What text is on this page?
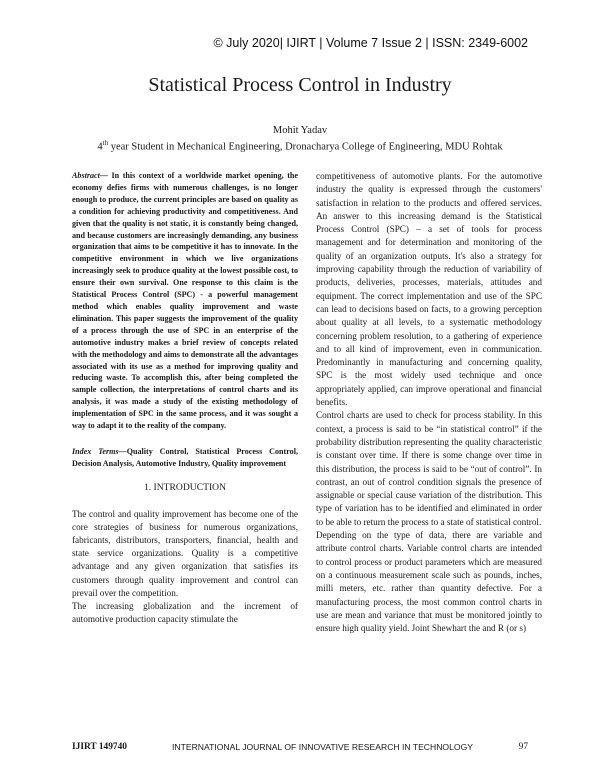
© July 2020| IJIRT | Volume 7 Issue 2 | ISSN: 2349-6002
Statistical Process Control in Industry
Mohit Yadav
4th year Student in Mechanical Engineering, Dronacharya College of Engineering, MDU Rohtak
Abstract— In this context of a worldwide market opening, the economy defies firms with numerous challenges, is no longer enough to produce, the current principles are based on quality as a condition for achieving productivity and competitiveness. And given that the quality is not static, it is constantly being changed, and because customers are increasingly demanding, any business organization that aims to be competitive it has to innovate. In the competitive environment in which we live organizations increasingly seek to produce quality at the lowest possible cost, to ensure their own survival. One response to this claim is the Statistical Process Control (SPC) - a powerful management method which enables quality improvement and waste elimination. This paper suggests the improvement of the quality of a process through the use of SPC in an enterprise of the automotive industry makes a brief review of concepts related with the methodology and aims to demonstrate all the advantages associated with its use as a method for improving quality and reducing waste. To accomplish this, after being completed the sample collection, the interpretations of control charts and its analysis, it was made a study of the existing methodology of implementation of SPC in the same process, and it was sought a way to adapt it to the reality of the company.
Index Terms—Quality Control, Statistical Process Control, Decision Analysis, Automotive Industry, Quality improvement
1. INTRODUCTION

The control and quality improvement has become one of the core strategies of business for numerous organizations, fabricants, distributors, transporters, financial, health and state service organizations. Quality is a competitive advantage and any given organization that satisfies its customers through quality improvement and control can prevail over the competition.

The increasing globalization and the increment of automotive production capacity stimulate the

competitiveness of automotive plants. For the automotive industry the quality is expressed through the customers' satisfaction in relation to the products and offered services. An answer to this increasing demand is the Statistical Process Control (SPC) – a set of tools for process management and for determination and monitoring of the quality of an organization outputs. It's also a strategy for improving capability through the reduction of variability of products, deliveries, processes, materials, attitudes and equipment. The correct implementation and use of the SPC can lead to decisions based on facts, to a growing perception about quality at all levels, to a systematic methodology concerning problem resolution, to a gathering of experience and to all kind of improvement, even in communication. Predominantly in manufacturing and concerning quality, SPC is the most widely used technique and once appropriately applied, can improve operational and financial benefits.

Control charts are used to check for process stability. In this context, a process is said to be “in statistical control” if the probability distribution representing the quality characteristic is constant over time. If there is some change over time in this distribution, the process is said to be “out of control”. In contrast, an out of control condition signals the presence of assignable or special cause variation of the distribution. This type of variation has to be identified and eliminated in order to be able to return the process to a state of statistical control.

Depending on the type of data, there are variable and attribute control charts. Variable control charts are intended to control process or product parameters which are measured on a continuous measurement scale such as pounds, inches, milli meters, etc. rather than quantity defective. For a manufacturing process, the most common control charts in use are mean and variance that must be monitored jointly to ensure high quality yield. Joint Shewhart the and R (or s)

IJIRT 149740	INTERNATIONAL JOURNAL OF INNOVATIVE RESEARCH IN TECHNOLOGY	97
